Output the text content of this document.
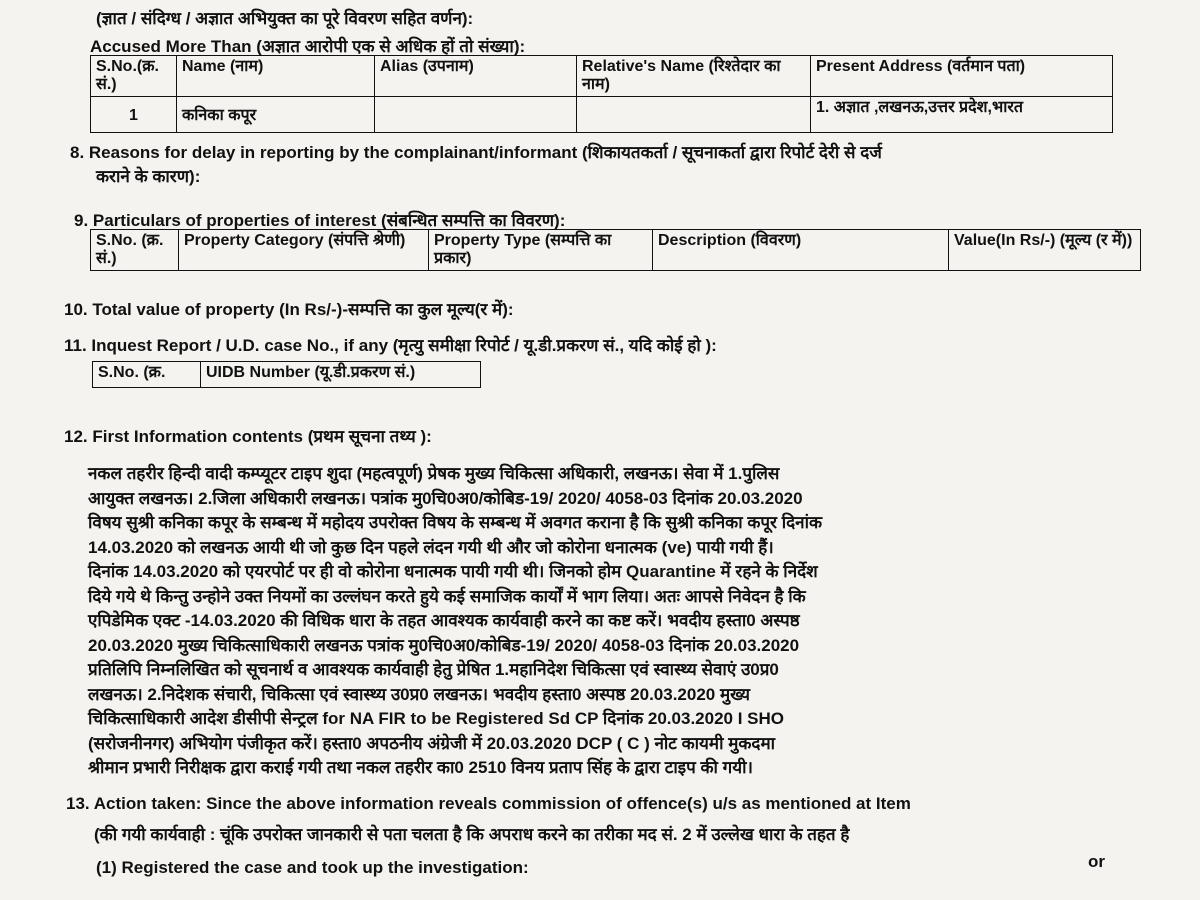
(ज्ञात / संदिग्ध / अज्ञात अभियुक्त का पूरे विवरण सहित वर्णन):
Accused More Than (अज्ञात आरोपी एक से अधिक हों तो संख्या):
S.No.(क्र. सं.)	Name (नाम)	Alias (उपनाम)	Relative's Name (रिश्तेदार का नाम)	Present Address (वर्तमान पता)
1	कनिका कपूर			1. अज्ञात ,लखनऊ,उत्तर प्रदेश,भारत
8. Reasons for delay in reporting by the complainant/informant (शिकायतकर्ता / सूचनाकर्ता द्वारा रिपोर्ट देरी से दर्ज
कराने के कारण):
9. Particulars of properties of interest (संबन्धित सम्पत्ति का विवरण):
S.No. (क्र. सं.)	Property Category (संपत्ति श्रेणी)	Property Type (सम्पत्ति का प्रकार)	Description (विवरण)	Value(In Rs/-) (मूल्य (र में))
10. Total value of property (In Rs/-)-सम्पत्ति का कुल मूल्य(र में):
11. Inquest Report / U.D. case No., if any (मृत्यु समीक्षा रिपोर्ट / यू.डी.प्रकरण सं., यदि कोई हो ):
S.No. (क्र.	UIDB Number (यू.डी.प्रकरण सं.)
12. First Information contents (प्रथम सूचना तथ्य ):
नकल तहरीर हिन्दी वादी कम्प्यूटर टाइप शुदा (महत्वपूर्ण) प्रेषक मुख्य चिकित्सा अधिकारी, लखनऊ। सेवा में 1.पुलिस
आयुक्त लखनऊ। 2.जिला अधिकारी लखनऊ। पत्रांक मु0चि0अ0/कोबिड-19/ 2020/ 4058-03 दिनांक 20.03.2020
विषय सुश्री कनिका कपूर के सम्बन्ध में महोदय उपरोक्त विषय के सम्बन्ध में अवगत कराना है कि सुश्री कनिका कपूर दिनांक
14.03.2020 को लखनऊ आयी थी जो कुछ दिन पहले लंदन गयी थी और जो कोरोना धनात्मक (ve) पायी गयी हैं।
दिनांक 14.03.2020 को एयरपोर्ट पर ही वो कोरोना धनात्मक पायी गयी थी। जिनको होम Quarantine में रहने के निर्देश
दिये गये थे किन्तु उन्होने उक्त नियमों का उल्लंघन करते हुये कई समाजिक कार्यों में भाग लिया। अतः आपसे निवेदन है कि
एपिडेमिक एक्ट -14.03.2020 की विधिक धारा के तहत आवश्यक कार्यवाही करने का कष्ट करें। भवदीय हस्ता0 अस्पष्ठ
20.03.2020 मुख्य चिकित्साधिकारी लखनऊ पत्रांक मु0चि0अ0/कोबिड-19/ 2020/ 4058-03 दिनांक 20.03.2020
प्रतिलिपि निम्नलिखित को सूचनार्थ व आवश्यक कार्यवाही हेतु प्रेषित 1.महानिदेश चिकित्सा एवं स्वास्थ्य सेवाएं उ0प्र0
लखनऊ। 2.निदेशक संचारी, चिकित्सा एवं स्वास्थ्य उ0प्र0 लखनऊ। भवदीय हस्ता0 अस्पष्ठ 20.03.2020 मुख्य
चिकित्साधिकारी आदेश डीसीपी सेन्ट्रल for NA FIR to be Registered Sd CP दिनांक 20.03.2020 I SHO
(सरोजनीनगर) अभियोग पंजीकृत करें। हस्ता0 अपठनीय अंग्रेजी में 20.03.2020 DCP ( C ) नोट कायमी मुकदमा
श्रीमान प्रभारी निरीक्षक द्वारा कराई गयी तथा नकल तहरीर का0 2510 विनय प्रताप सिंह के द्वारा टाइप की गयी।
13. Action taken: Since the above information reveals commission of offence(s) u/s as mentioned at Item
(की गयी कार्यवाही : चूंकि उपरोक्त जानकारी से पता चलता है कि अपराध करने का तरीका मद सं. 2 में उल्लेख धारा के तहत है
(1) Registered the case and took up the investigation:	or
